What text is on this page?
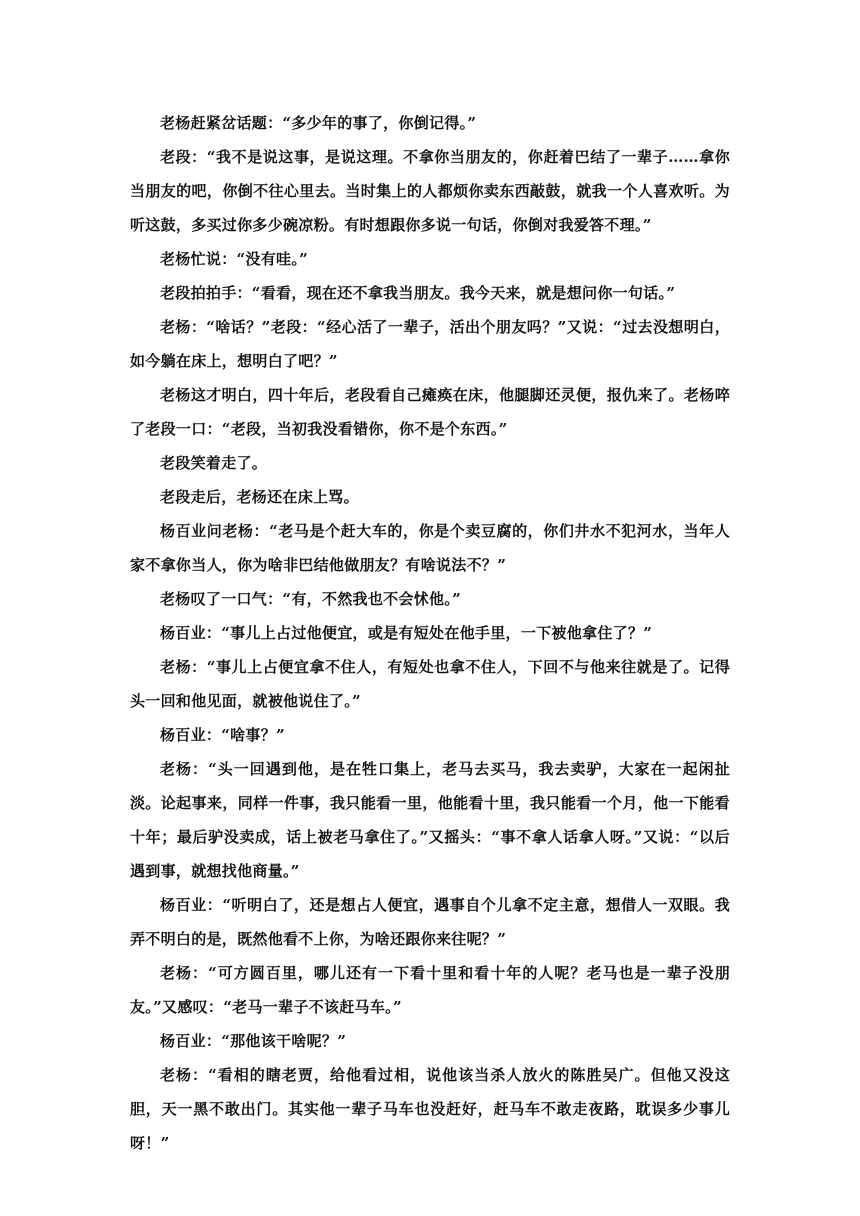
老杨赶紧岔话题：“多少年的事了，你倒记得。”

老段：“我不是说这事，是说这理。不拿你当朋友的，你赶着巴结了一辈子……拿你当朋友的吧，你倒不往心里去。当时集上的人都烦你卖东西敲鼓，就我一个人喜欢听。为听这鼓，多买过你多少碗凉粉。有时想跟你多说一句话，你倒对我爱答不理。”

老杨忙说：“没有哇。”

老段拍拍手：“看看，现在还不拿我当朋友。我今天来，就是想问你一句话。”

老杨：“啥话？”老段：“经心活了一辈子，活出个朋友吗？”又说：“过去没想明白，如今躺在床上，想明白了吧？”

老杨这才明白，四十年后，老段看自己瘫痪在床，他腿脚还灵便，报仇来了。老杨啐了老段一口：“老段，当初我没看错你，你不是个东西。”

老段笑着走了。

老段走后，老杨还在床上骂。

杨百业问老杨：“老马是个赶大车的，你是个卖豆腐的，你们井水不犯河水，当年人家不拿你当人，你为啥非巴结他做朋友？有啥说法不？”

老杨叹了一口气：“有，不然我也不会怵他。”

杨百业：“事儿上占过他便宜，或是有短处在他手里，一下被他拿住了？”

老杨：“事儿上占便宜拿不住人，有短处也拿不住人，下回不与他来往就是了。记得头一回和他见面，就被他说住了。”

杨百业：“啥事？”

老杨：“头一回遇到他，是在牲口集上，老马去买马，我去卖驴，大家在一起闲扯淡。论起事来，同样一件事，我只能看一里，他能看十里，我只能看一个月，他一下能看十年；最后驴没卖成，话上被老马拿住了。”又摇头：“事不拿人话拿人呀。”又说：“以后遇到事，就想找他商量。”

杨百业：“听明白了，还是想占人便宜，遇事自个儿拿不定主意，想借人一双眼。我弄不明白的是，既然他看不上你，为啥还跟你来往呢？”

老杨：“可方圆百里，哪儿还有一下看十里和看十年的人呢？老马也是一辈子没朋友。”又感叹：“老马一辈子不该赶马车。”

杨百业：“那他该干啥呢？”

老杨：“看相的瞎老贾，给他看过相，说他该当杀人放火的陈胜吴广。但他又没这胆，天一黑不敢出门。其实他一辈子马车也没赶好，赶马车不敢走夜路，耽误多少事儿呀！”
